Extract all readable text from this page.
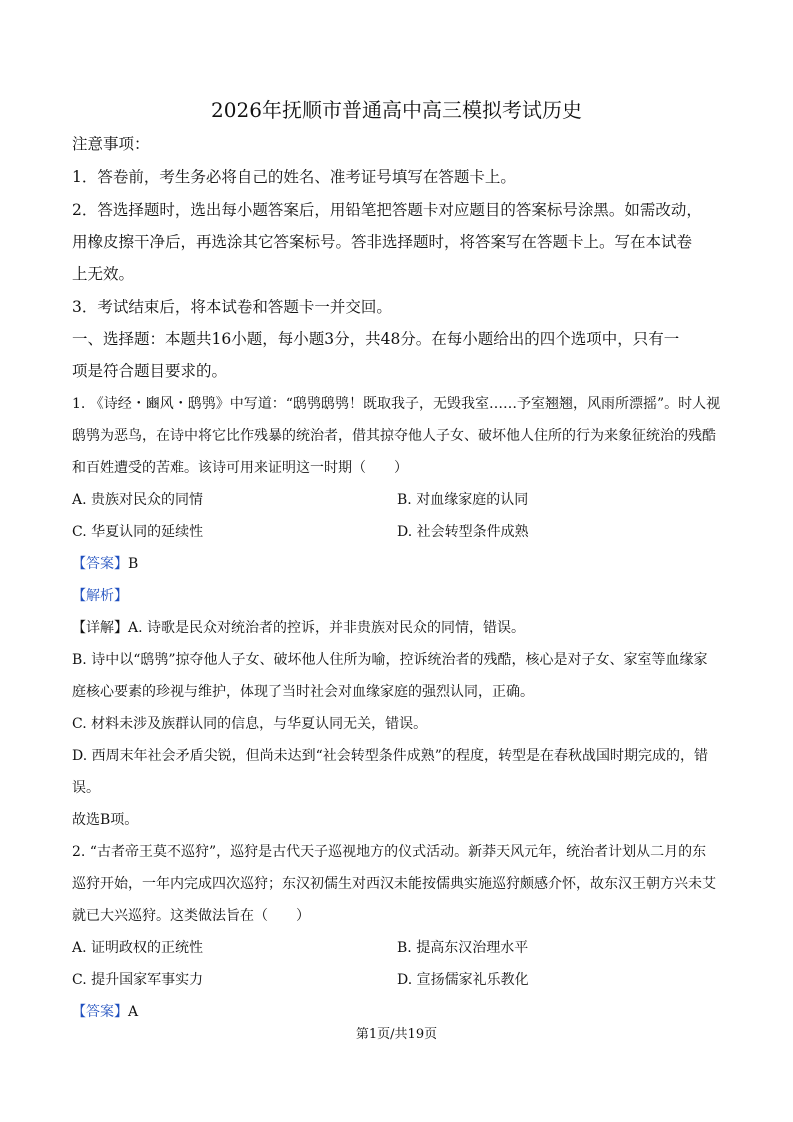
2026年抚顺市普通高中高三模拟考试历史
注意事项：
1．答卷前，考生务必将自己的姓名、准考证号填写在答题卡上。
2．答选择题时，选出每小题答案后，用铅笔把答题卡对应题目的答案标号涂黑。如需改动，
用橡皮擦干净后，再选涂其它答案标号。答非选择题时，将答案写在答题卡上。写在本试卷
上无效。
3．考试结束后，将本试卷和答题卡一并交回。
一、选择题：本题共16小题，每小题3分，共48分。在每小题给出的四个选项中，只有一
项是符合题目要求的。
1. 《诗经・豳风・鸱鸮》中写道：“鸱鸮鸱鸮！既取我子，无毁我室……予室翘翘，风雨所漂摇”。时人视
鸱鸮为恶鸟，在诗中将它比作残暴的统治者，借其掠夺他人子女、破坏他人住所的行为来象征统治的残酷
和百姓遭受的苦难。该诗可用来证明这一时期（　　）
A. 贵族对民众的同情	B. 对血缘家庭的认同
C. 华夏认同的延续性	D. 社会转型条件成熟
【答案】B
【解析】
【详解】A. 诗歌是民众对统治者的控诉，并非贵族对民众的同情，错误。
B. 诗中以“鸱鸮”掠夺他人子女、破坏他人住所为喻，控诉统治者的残酷，核心是对子女、家室等血缘家
庭核心要素的珍视与维护，体现了当时社会对血缘家庭的强烈认同，正确。
C. 材料未涉及族群认同的信息，与华夏认同无关，错误。
D. 西周末年社会矛盾尖锐，但尚未达到“社会转型条件成熟”的程度，转型是在春秋战国时期完成的，错
误。
故选B项。
2. “古者帝王莫不巡狩”，巡狩是古代天子巡视地方的仪式活动。新莽天风元年，统治者计划从二月的东
巡狩开始，一年内完成四次巡狩；东汉初儒生对西汉未能按儒典实施巡狩颇感介怀，故东汉王朝方兴未艾
就已大兴巡狩。这类做法旨在（　　）
A. 证明政权的正统性	B. 提高东汉治理水平
C. 提升国家军事实力	D. 宣扬儒家礼乐教化
【答案】A
第1页/共19页
